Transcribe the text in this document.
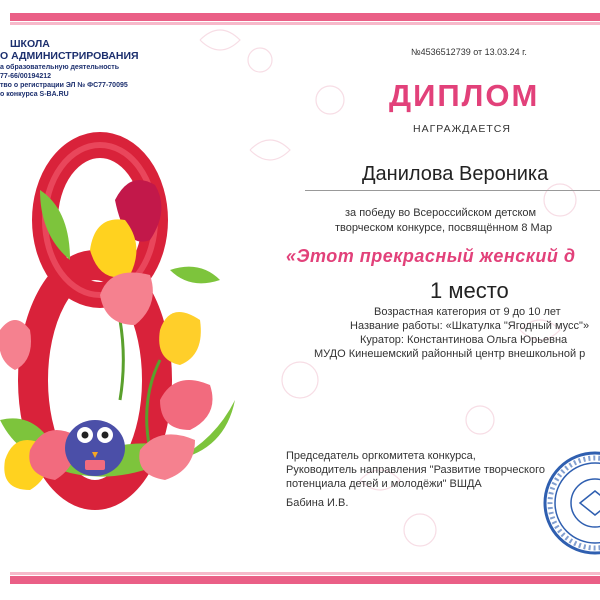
ШКОЛА
О АДМИНИСТРИРОВАНИЯ
а образовательную деятельность
77-66/00194212
тво о регистрации ЭЛ № ФС77-70095
о конкурса S-BA.RU
№4536512739 от 13.03.24 г.
ДИПЛОМ
НАГРАЖДАЕТСЯ
Данилова Вероника
за победу во Всероссийском детском
творческом конкурсе, посвящённом 8 Мар
«Этот прекрасный женский д
1 место
Возрастная категория от 9 до 10 лет
Название работы: «Шкатулка "Ягодный мусс"»
Куратор: Константинова Ольга Юрьевна
МУДО Кинешемский районный центр внешкольной р
Председатель оргкомитета конкурса,
Руководитель направления "Развитие творческого
потенциала детей и молодёжи" ВШДА
Бабина И.В.
